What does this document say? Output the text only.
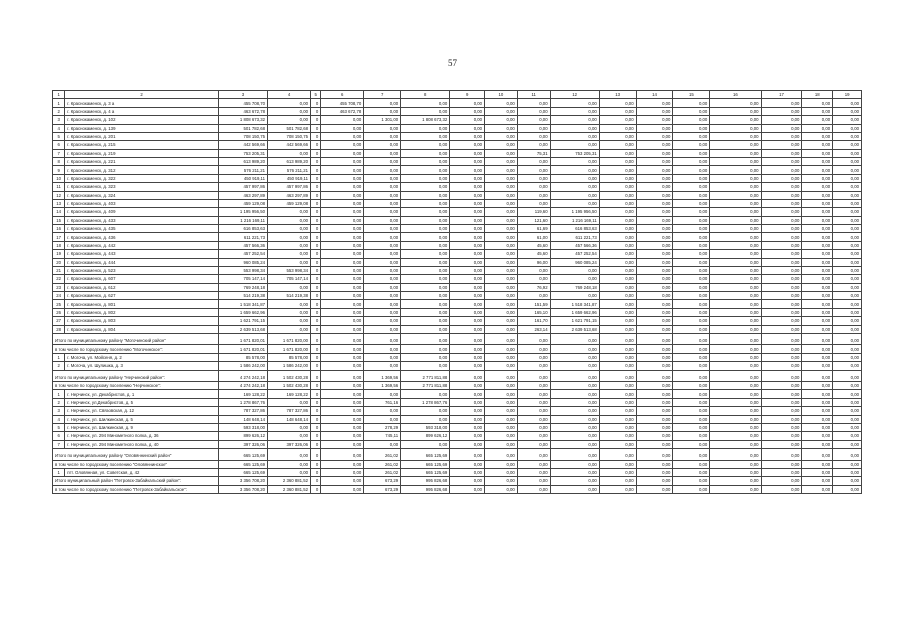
57
1	2	3	4	5	6	7	8	9	10	11	12	13	14	15	16	17	18	19
1	г. Краснокаменск, д. 3 а	455 708,70	0,00	0	455 708,70	0,00	0,00	0,00	0,00	0,00	0,00	0,00	0,00	0,00	0,00	0,00	0,00	0,00
2	г. Краснокаменск, д. 4 а	463 672,78	0,00	0	463 672,78	0,00	0,00	0,00	0,00	0,00	0,00	0,00	0,00	0,00	0,00	0,00	0,00	0,00
3	г. Краснокаменск, д. 102	1 808 673,32	0,00	0	0,00	1 301,00	1 808 673,32	0,00	0,00	0,00	0,00	0,00	0,00	0,00	0,00	0,00	0,00	0,00
4	г. Краснокаменск, д. 139	501 782,68	501 782,68	0	0,00	0,00	0,00	0,00	0,00	0,00	0,00	0,00	0,00	0,00	0,00	0,00	0,00	0,00
5	г. Краснокаменск, д. 201	708 150,75	708 150,75	0	0,00	0,00	0,00	0,00	0,00	0,00	0,00	0,00	0,00	0,00	0,00	0,00	0,00	0,00
6	г. Краснокаменск, д. 215	442 569,66	442 569,66	0	0,00	0,00	0,00	0,00	0,00	0,00	0,00	0,00	0,00	0,00	0,00	0,00	0,00	0,00
7	г. Краснокаменск, д. 219	753 205,31	0,00	0	0,00	0,00	0,00	0,00	0,00	75,31	753 205,31	0,00	0,00	0,00	0,00	0,00	0,00	0,00
8	г. Краснокаменск, д. 221	613 989,20	613 989,20	0	0,00	0,00	0,00	0,00	0,00	0,00	0,00	0,00	0,00	0,00	0,00	0,00	0,00	0,00
9	г. Краснокаменск, д. 312	576 211,21	576 211,21	0	0,00	0,00	0,00	0,00	0,00	0,00	0,00	0,00	0,00	0,00	0,00	0,00	0,00	0,00
10	г. Краснокаменск, д. 322	450 919,11	450 919,11	0	0,00	0,00	0,00	0,00	0,00	0,00	0,00	0,00	0,00	0,00	0,00	0,00	0,00	0,00
11	г. Краснокаменск, д. 323	457 997,86	457 997,86	0	0,00	0,00	0,00	0,00	0,00	0,00	0,00	0,00	0,00	0,00	0,00	0,00	0,00	0,00
12	г. Краснокаменск, д. 324	463 297,89	463 297,89	0	0,00	0,00	0,00	0,00	0,00	0,00	0,00	0,00	0,00	0,00	0,00	0,00	0,00	0,00
13	г. Краснокаменск, д. 403	459 129,08	459 129,08	0	0,00	0,00	0,00	0,00	0,00	0,00	0,00	0,00	0,00	0,00	0,00	0,00	0,00	0,00
14	г. Краснокаменск, д. 409	1 195 956,50	0,00	0	0,00	0,00	0,00	0,00	0,00	119,60	1 195 956,50	0,00	0,00	0,00	0,00	0,00	0,00	0,00
15	г. Краснокаменск, д. 433	1 216 169,11	0,00	0	0,00	0,00	0,00	0,00	0,00	121,60	1 216 169,11	0,00	0,00	0,00	0,00	0,00	0,00	0,00
16	г. Краснокаменск, д. 435	616 853,63	0,00	0	0,00	0,00	0,00	0,00	0,00	61,69	616 853,63	0,00	0,00	0,00	0,00	0,00	0,00	0,00
17	г. Краснокаменск, д. 436	611 221,73	0,00	0	0,00	0,00	0,00	0,00	0,00	61,00	611 221,73	0,00	0,00	0,00	0,00	0,00	0,00	0,00
18	г. Краснокаменск, д. 442	457 566,36	0,00	0	0,00	0,00	0,00	0,00	0,00	45,60	457 566,36	0,00	0,00	0,00	0,00	0,00	0,00	0,00
19	г. Краснокаменск, д. 443	457 252,54	0,00	0	0,00	0,00	0,00	0,00	0,00	45,60	457 252,54	0,00	0,00	0,00	0,00	0,00	0,00	0,00
20	г. Краснокаменск, д. 444	960 085,24	0,00	0	0,00	0,00	0,00	0,00	0,00	96,00	960 085,24	0,00	0,00	0,00	0,00	0,00	0,00	0,00
21	г. Краснокаменск, д. 523	553 998,34	553 998,34	0	0,00	0,00	0,00	0,00	0,00	0,00	0,00	0,00	0,00	0,00	0,00	0,00	0,00	0,00
22	г. Краснокаменск, д. 607	705 147,14	705 147,14	0	0,00	0,00	0,00	0,00	0,00	0,00	0,00	0,00	0,00	0,00	0,00	0,00	0,00	0,00
23	г. Краснокаменск, д. 612	769 248,18	0,00	0	0,00	0,00	0,00	0,00	0,00	76,92	769 248,18	0,00	0,00	0,00	0,00	0,00	0,00	0,00
24	г. Краснокаменск, д. 627	514 219,38	514 219,38	0	0,00	0,00	0,00	0,00	0,00	0,00	0,00	0,00	0,00	0,00	0,00	0,00	0,00	0,00
25	г. Краснокаменск, д. 801	1 518 341,87	0,00	0	0,00	0,00	0,00	0,00	0,00	151,59	1 518 341,87	0,00	0,00	0,00	0,00	0,00	0,00	0,00
26	г. Краснокаменск, д. 802	1 659 662,96	0,00	0	0,00	0,00	0,00	0,00	0,00	165,10	1 659 662,96	0,00	0,00	0,00	0,00	0,00	0,00	0,00
27	г. Краснокаменск, д. 803	1 621 791,15	0,00	0	0,00	0,00	0,00	0,00	0,00	161,70	1 621 791,15	0,00	0,00	0,00	0,00	0,00	0,00	0,00
28	г. Краснокаменск, д. 804	2 639 513,68	0,00	0	0,00	0,00	0,00	0,00	0,00	263,14	2 639 513,68	0,00	0,00	0,00	0,00	0,00	0,00	0,00
Итого по муниципальному району "Могочинский район"		1 671 820,01	1 671 820,00	0	0,00	0,00	0,00	0,00	0,00	0,00	0,00	0,00	0,00	0,00	0,00	0,00	0,00	0,00
в том числе по городскому поселению "Могочинское":		1 671 820,01	1 671 820,00	0	0,00	0,00	0,00	0,00	0,00	0,00	0,00	0,00	0,00	0,00	0,00	0,00	0,00	0,00
1	г. Могоча, ул. Мойсеня, д. 2	85 578,00	85 578,00	0	0,00	0,00	0,00	0,00	0,00	0,00	0,00	0,00	0,00	0,00	0,00	0,00	0,00	0,00
2	г. Могоча, ул. Шулишка, д. 3	1 586 242,00	1 586 242,00	0	0,00	0,00	0,00	0,00	0,00	0,00	0,00	0,00	0,00	0,00	0,00	0,00	0,00	0,00
Итого по муниципальному району "Нерчинский район":		4 274 242,18	1 502 430,28	0	0,00	1 369,56	2 771 811,88	0,00	0,00	0,00	0,00	0,00	0,00	0,00	0,00	0,00	0,00	0,00
в том числе по городскому поселению "Нерчинское":		4 274 242,18	1 502 430,28	0	0,00	1 369,56	2 771 811,88	0,00	0,00	0,00	0,00	0,00	0,00	0,00	0,00	0,00	0,00	0,00
1	г. Нерчинск, ул. Декабристов, д. 1	169 128,22	169 128,22	0	0,00	0,00	0,00	0,00	0,00	0,00	0,00	0,00	0,00	0,00	0,00	0,00	0,00	0,00
2	г. Нерчинск, ул.Декабристов, д. 5	1 278 867,76	0,00	0	0,00	761,16	1 278 867,76	0,00	0,00	0,00	0,00	0,00	0,00	0,00	0,00	0,00	0,00	0,00
3	г. Нерчинск, ул. Связовская, д. 12	787 327,86	787 327,86	0	0,00	0,00	0,00	0,00	0,00	0,00	0,00	0,00	0,00	0,00	0,00	0,00	0,00	0,00
4	г. Нерчинск, ул. Шилкинская, д. 5	148 648,14	148 648,14	0	0,00	0,00	0,00	0,00	0,00	0,00	0,00	0,00	0,00	0,00	0,00	0,00	0,00	0,00
5	г. Нерчинск, ул. Шилкинская, д. 9	593 318,00	0,00	0	0,00	278,29	593 318,00	0,00	0,00	0,00	0,00	0,00	0,00	0,00	0,00	0,00	0,00	0,00
6	г. Нерчинск, ул. 294 Минометного полка, д. 36	899 626,12	0,00	0	0,00	745,11	899 626,12	0,00	0,00	0,00	0,00	0,00	0,00	0,00	0,00	0,00	0,00	0,00
7	г. Нерчинск, ул. 294 Минометного полка, д. 40	397 326,06	397 326,06	0	0,00	0,00	0,00	0,00	0,00	0,00	0,00	0,00	0,00	0,00	0,00	0,00	0,00	0,00
Итого по муниципальному району "Оловяннинский район"		665 125,69	0,00	0	0,00	261,02	665 125,69	0,00	0,00	0,00	0,00	0,00	0,00	0,00	0,00	0,00	0,00	0,00
в том числе по городскому поселению "Оловяннинское"		665 125,69	0,00	0	0,00	261,02	665 125,69	0,00	0,00	0,00	0,00	0,00	0,00	0,00	0,00	0,00	0,00	0,00
1	пгт. Оловянная, ул. Советская, д. 42	665 125,69	0,00	0	0,00	261,02	665 125,69	0,00	0,00	0,00	0,00	0,00	0,00	0,00	0,00	0,00	0,00	0,00
Итого муниципальный район "Петровск-Забайкальский район":		3 356 708,20	2 360 881,52	0	0,00	673,29	995 826,68	0,00	0,00	0,00	0,00	0,00	0,00	0,00	0,00	0,00	0,00	0,00
в том числе по городскому поселению "Петровск-Забайкальское":		3 356 708,20	2 360 881,52	0	0,00	673,29	995 826,68	0,00	0,00	0,00	0,00	0,00	0,00	0,00	0,00	0,00	0,00	0,00
